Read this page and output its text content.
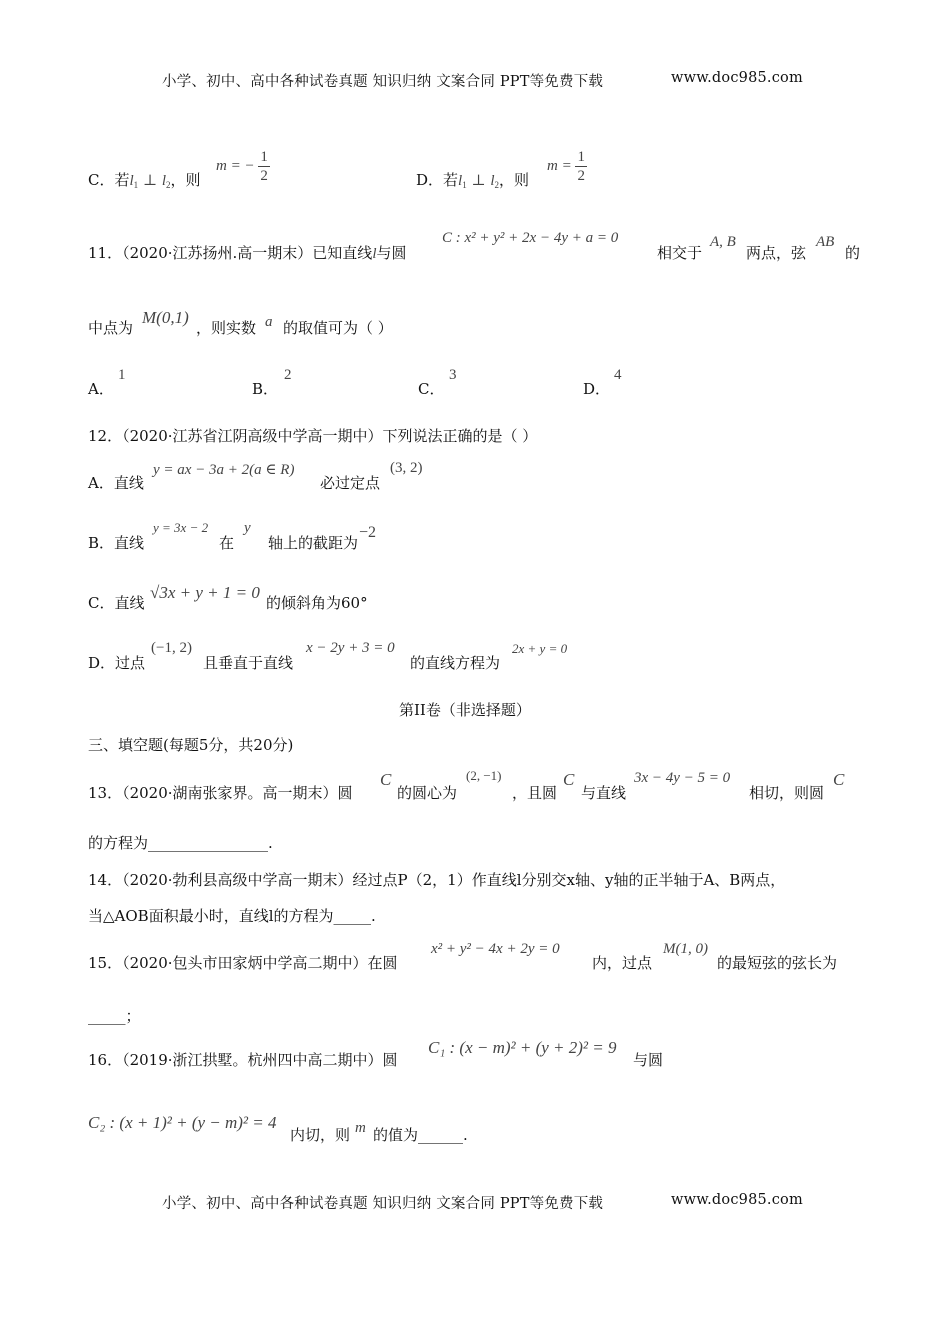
小学、初中、高中各种试卷真题 知识归纳 文案合同 PPT等免费下载	www.doc985.com
C．若$l_1$ ⊥ $l_2$，则
m = − $\frac{1}{2}$	D．若$l_1$ ⊥ $l_2$，则
$m = \frac{1}{2}$
11．（2020·江苏扬州.高一期末）已知直线l与圆
C : x² + y² + 2x − 4y + a = 0
相交于
A, B
两点，弦
AB
的
中点为
M(0,1)
，则实数 a 的取值可为（ ）
A．
1
B．
2
C．
3
D．
4
12．（2020·江苏省江阴高级中学高一期中）下列说法正确的是（ ）
A．直线
y = ax − 3a + 2(a ∈ R)
必过定点
(3, 2)
B．直线
y = 3x − 2
在
y
轴上的截距为
−2
C．直线
√3x + y + 1 = 0
的倾斜角为60°
D．过点
(−1, 2)
且垂直于直线
x − 2y + 3 = 0
的直线方程为
2x + y = 0
第II卷（非选择题）
三、填空题(每题5分，共20分)
13．（2020·湖南张家界。高一期末）圆
C
的圆心为
(2, −1)
，且圆
C
与直线
3x − 4y − 5 = 0
相切，则圆
C
的方程为________________.
14．（2020·勃利县高级中学高一期末）经过点P（2，1）作直线l分别交x轴、y轴的正半轴于A、B两点，
当△AOB面积最小时，直线l的方程为_____.
15．（2020·包头市田家炳中学高二期中）在圆
x² + y² − 4x + 2y = 0
内，过点
M(1, 0)
的最短弦的弦长为
_____；
16．（2019·浙江拱墅。杭州四中高二期中）圆
C₁ : (x − m)² + (y + 2)² = 9
与圆
C₂ : (x + 1)² + (y − m)² = 4
内切，则 m 的值为______.
小学、初中、高中各种试卷真题 知识归纳 文案合同 PPT等免费下载	www.doc985.com
